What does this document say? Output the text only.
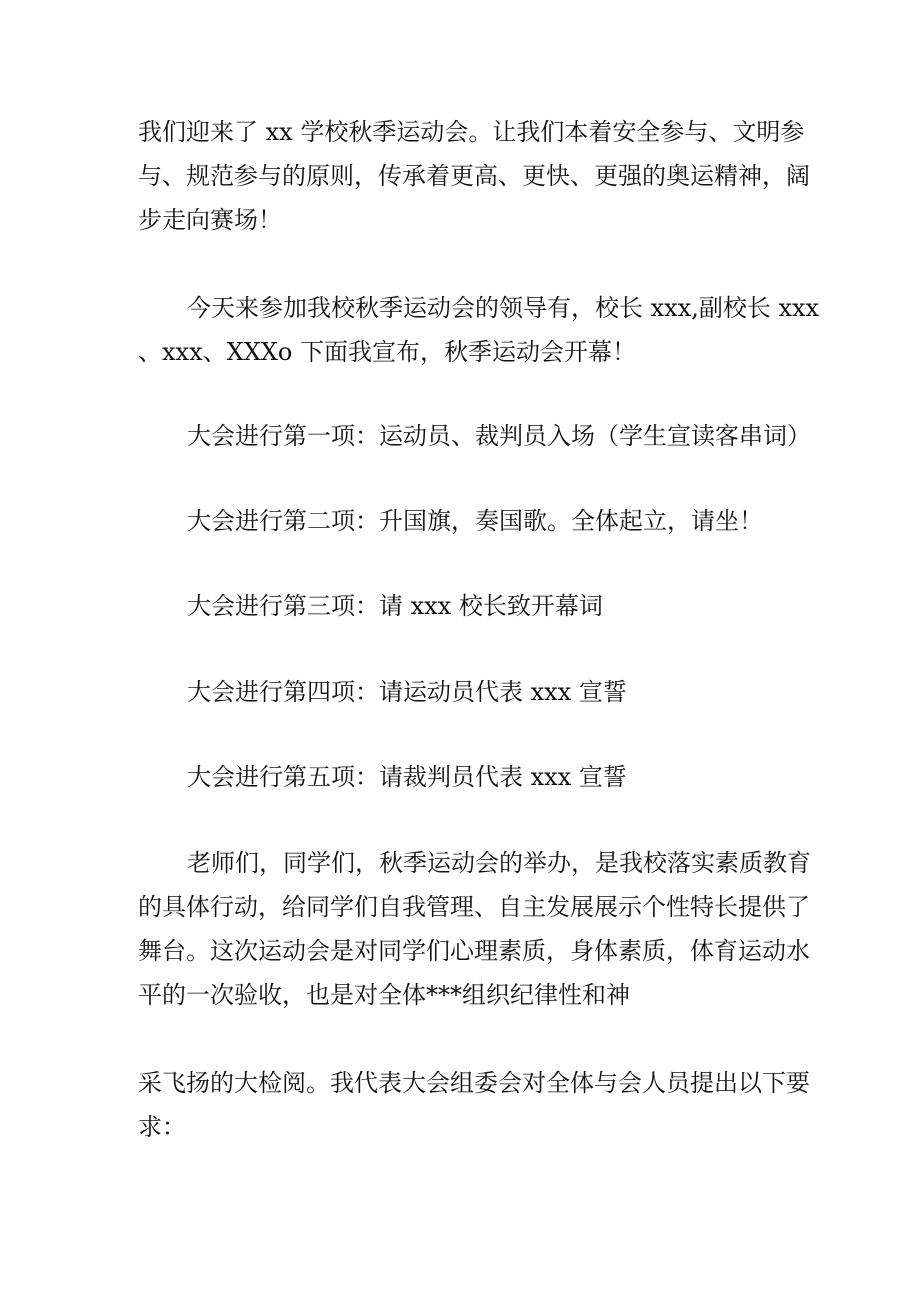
我们迎来了 xx 学校秋季运动会。让我们本着安全参与、文明参

与、规范参与的原则，传承着更高、更快、更强的奥运精神，阔

步走向赛场！

今天来参加我校秋季运动会的领导有，校长 xxx,副校长 xxx

、xxx、XXXo 下面我宣布，秋季运动会开幕！

大会进行第一项：运动员、裁判员入场（学生宣读客串词）

大会进行第二项：升国旗，奏国歌。全体起立，请坐！

大会进行第三项：请 xxx 校长致开幕词

大会进行第四项：请运动员代表 xxx 宣誓

大会进行第五项：请裁判员代表 xxx 宣誓

老师们，同学们，秋季运动会的举办，是我校落实素质教育

的具体行动，给同学们自我管理、自主发展展示个性特长提供了

舞台。这次运动会是对同学们心理素质，身体素质，体育运动水

平的一次验收，也是对全体***组织纪律性和神

采飞扬的大检阅。我代表大会组委会对全体与会人员提出以下要

求：
